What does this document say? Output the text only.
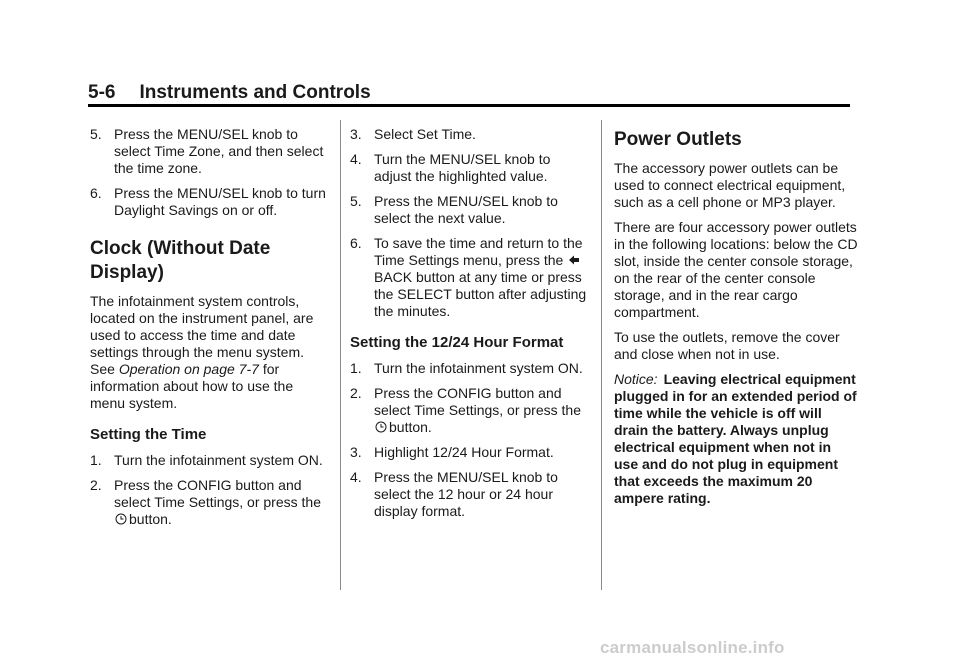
5-6 Instruments and Controls
5. Press the MENU/SEL knob to select Time Zone, and then select the time zone.
6. Press the MENU/SEL knob to turn Daylight Savings on or off.
Clock (Without Date
Display)
The infotainment system controls, located on the instrument panel, are used to access the time and date settings through the menu system. See Operation on page 7-7 for information about how to use the menu system.
Setting the Time
1. Turn the infotainment system ON.
2. Press the CONFIG button and select Time Settings, or press the button.
3. Select Set Time.
4. Turn the MENU/SEL knob to adjust the highlighted value.
5. Press the MENU/SEL knob to select the next value.
6. To save the time and return to the Time Settings menu, press the BACK button at any time or press the SELECT button after adjusting the minutes.
Setting the 12/24 Hour Format
1. Turn the infotainment system ON.
2. Press the CONFIG button and select Time Settings, or press the button.
3. Highlight 12/24 Hour Format.
4. Press the MENU/SEL knob to select the 12 hour or 24 hour display format.
Power Outlets
The accessory power outlets can be used to connect electrical equipment, such as a cell phone or MP3 player.
There are four accessory power outlets in the following locations: below the CD slot, inside the center console storage, on the rear of the center console storage, and in the rear cargo compartment.
To use the outlets, remove the cover and close when not in use.
Notice: Leaving electrical equipment plugged in for an extended period of time while the vehicle is off will drain the battery. Always unplug electrical equipment when not in use and do not plug in equipment that exceeds the maximum 20 ampere rating.
carmanualsonline.info
